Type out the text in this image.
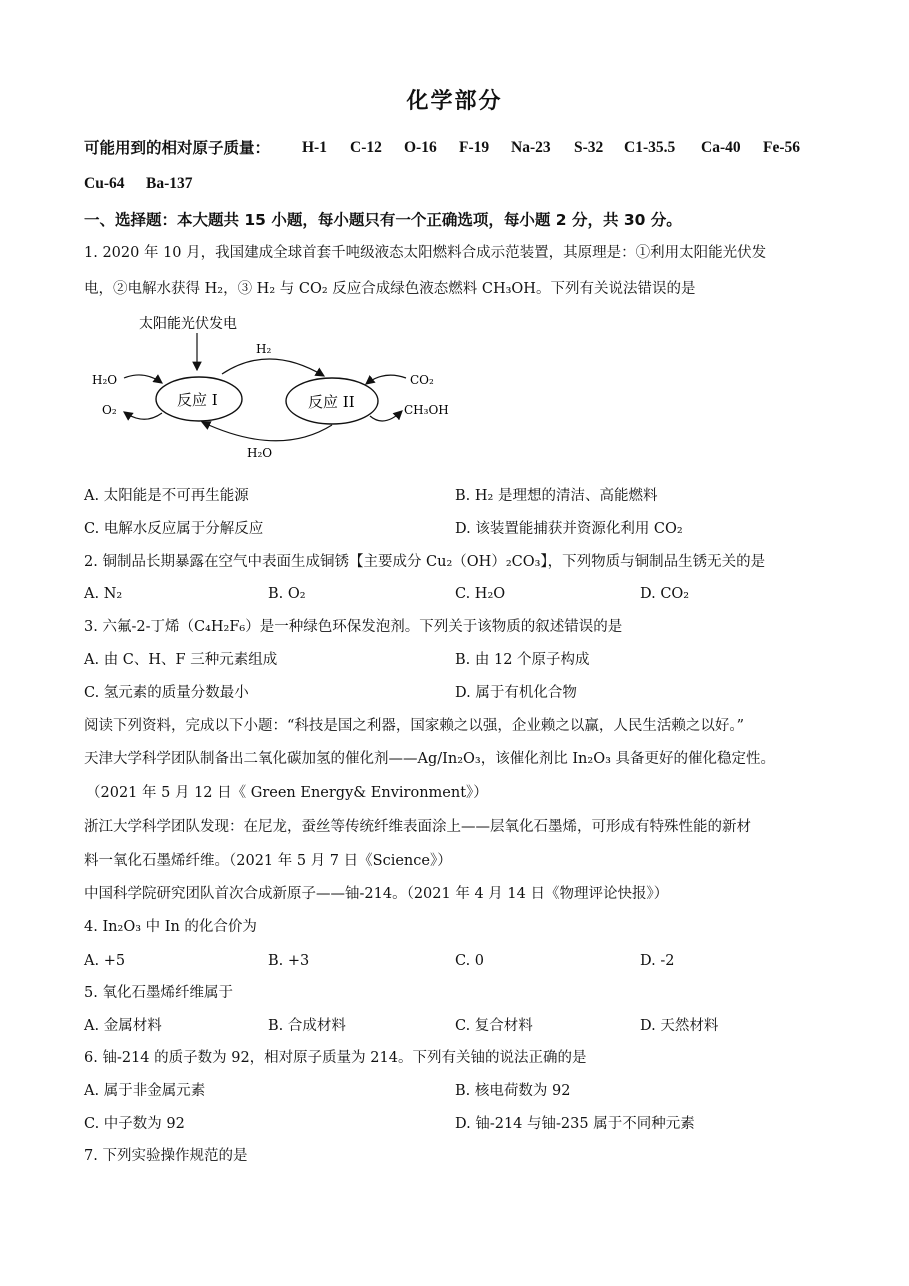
化学部分
可能用到的相对原子质量： H-1 C-12 O-16 F-19 Na-23 S-32 C1-35.5 Ca-40 Fe-56
Cu-64 Ba-137
一、选择题：本大题共 15 小题，每小题只有一个正确选项，每小题 2 分，共 30 分。
1. 2020 年 10 月，我国建成全球首套千吨级液态太阳燃料合成示范装置，其原理是：①利用太阳能光伏发
电，②电解水获得 H₂，③ H₂ 与 CO₂ 反应合成绿色液态燃料 CH₃OH。下列有关说法错误的是
太阳能光伏发电
反应 I	反应 II
H₂
H₂O
H₂O
O₂
CO₂
CH₃OH
A. 太阳能是不可再生能源	B. H₂ 是理想的清洁、高能燃料
C. 电解水反应属于分解反应	D. 该装置能捕获并资源化利用 CO₂
2. 铜制品长期暴露在空气中表面生成铜锈【主要成分 Cu₂（OH）₂CO₃】，下列物质与铜制品生锈无关的是
A. N₂	B. O₂	C. H₂O	D. CO₂
3. 六氟-2-丁烯（C₄H₂F₆）是一种绿色环保发泡剂。下列关于该物质的叙述错误的是
A. 由 C、H、F 三种元素组成	B. 由 12 个原子构成
C. 氢元素的质量分数最小	D. 属于有机化合物
阅读下列资料，完成以下小题：“科技是国之利器，国家赖之以强，企业赖之以赢，人民生活赖之以好。”
天津大学科学团队制备出二氧化碳加氢的催化剂——Ag/In₂O₃，该催化剂比 In₂O₃ 具备更好的催化稳定性。
（2021 年 5 月 12 日《 Green Energy& Environment》）
浙江大学科学团队发现：在尼龙，蚕丝等传统纤维表面涂上——层氧化石墨烯，可形成有特殊性能的新材
料一氧化石墨烯纤维。（2021 年 5 月 7 日《Science》）
中国科学院研究团队首次合成新原子——铀-214。（2021 年 4 月 14 日《物理评论快报》）
4. In₂O₃ 中 In 的化合价为
A. +5	B. +3	C. 0	D. -2
5. 氧化石墨烯纤维属于
A. 金属材料	B. 合成材料	C. 复合材料	D. 天然材料
6. 铀-214 的质子数为 92，相对原子质量为 214。下列有关铀的说法正确的是
A. 属于非金属元素	B. 核电荷数为 92
C. 中子数为 92	D. 铀-214 与铀-235 属于不同种元素
7. 下列实验操作规范的是
